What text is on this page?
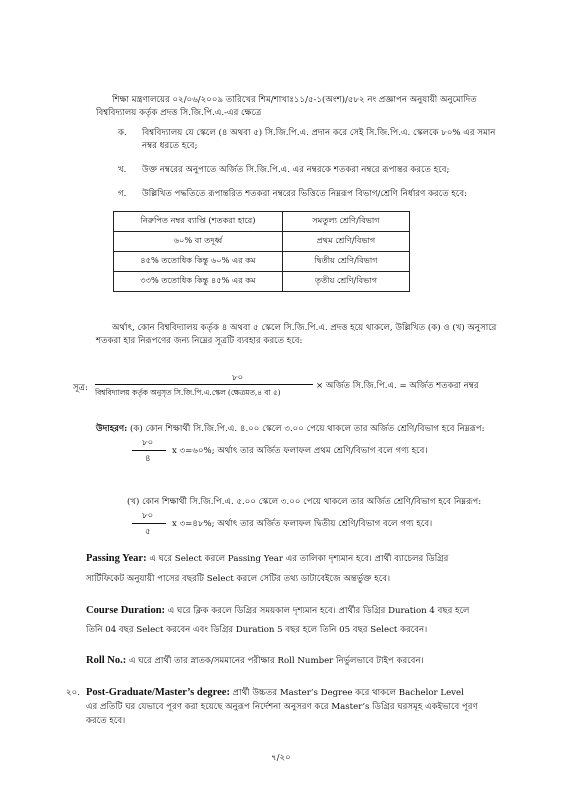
শিক্ষা মন্ত্রণালয়ের ০২/০৬/২০০৯ তারিখের শিম/শাখাঃ১১/৫-১(অংশ)/৫৮২ নং প্রজ্ঞাপন অনুযায়ী অনুমোদিত
বিশ্ববিদ্যালয় কর্তৃক প্রদত্ত সি.জি.পি.এ.-এর ক্ষেত্রে
ক. বিশ্ববিদ্যালয় যে স্কেলে (৪ অথবা ৫) সি.জি.পি.এ. প্রদান করে সেই সি.জি.পি.এ. স্কেলকে ৮০% এর সমান
নম্বর ধরতে হবে;
খ. উক্ত নম্বরের অনুপাতে অর্জিত সি.জি.পি.এ. এর নম্বরকে শতকরা নম্বরে রূপান্তর করতে হবে;
গ. উল্লিখিত পদ্ধতিতে রূপান্তরিত শতকরা নম্বরের ভিত্তিতে নিম্নরূপ বিভাগ/শ্রেণি নির্ধারণ করতে হবে:
নিরুপিত নম্বর ব্যাপ্তি (শতকরা হারে)	সমতুল্য শ্রেণি/বিভাগ
৬০% বা তদূর্ধ্ব	প্রথম শ্রেণি/বিভাগ
৪৫% ততোধিক কিন্তু ৬০% এর কম	দ্বিতীয় শ্রেণি/বিভাগ
৩৩% ততোধিক কিন্তু ৪৫% এর কম	তৃতীয় শ্রেণি/বিভাগ
অর্থাৎ, কোন বিশ্ববিদ্যালয় কর্তৃক ৪ অথবা ৫ স্কেলে সি.জি.পি.এ. প্রদত্ত হয়ে থাকলে, উল্লিখিত (ক) ও (খ) অনুসারে
শতকরা হার নিরূপণের জন্য নিম্নের সূত্রটি ব্যবহার করতে হবে:
সূত্র:
৮০
বিশ্ববিদ্যালয় কর্তৃক অনুসৃত সি.জি.পি.এ.স্কেল (ক্ষেত্রমত,৪ বা ৫)
× অর্জিত সি.জি.পি.এ. = অর্জিত শতকরা নম্বর
উদাহরণ: (ক) কোন শিক্ষার্থী সি.জি.পি.এ. ৪.০০ স্কেলে ৩.০০ পেয়ে থাকলে তার অর্জিত শ্রেণি/বিভাগ হবে নিম্নরূপ:
৮০
৪
x ৩=৬০%; অর্থাৎ তার অর্জিত ফলাফল প্রথম শ্রেণি/বিভাগ বলে গণ্য হবে।
(খ) কোন শিক্ষার্থী সি.জি.পি.এ. ৫.০০ স্কেলে ৩.০০ পেয়ে থাকলে তার অর্জিত শ্রেণি/বিভাগ হবে নিম্নরূপ:
৮০
৫
x ৩=৪৮%; অর্থাৎ তার অর্জিত ফলাফল দ্বিতীয় শ্রেণি/বিভাগ বলে গণ্য হবে।
Passing Year: এ ঘরে Select করলে Passing Year এর তালিকা দৃশ্যমান হবে। প্রার্থী ব্যাচেলর ডিগ্রির
সার্টিফিকেট অনুযায়ী পাসের বছরটি Select করলে সেটির তথ্য ডাটাবেইজে অন্তর্ভুক্ত হবে।
Course Duration: এ ঘরে ক্লিক করলে ডিগ্রির সময়কাল দৃশ্যমান হবে। প্রার্থীর ডিগ্রির Duration 4 বছর হলে
তিনি 04 বছর Select করবেন এবং ডিগ্রির Duration 5 বছর হলে তিনি 05 বছর Select করবেন।
Roll No.: এ ঘরে প্রার্থী তার স্নাতক/সমমানের পরীক্ষার Roll Number নির্ভুলভাবে টাইপ করবেন।
২০. Post-Graduate/Master’s degree: প্রার্থী উচ্চতর Master’s Degree করে থাকলে Bachelor Level
এর প্রতিটি ঘর যেভাবে পূরণ করা হয়েছে অনুরূপ নির্দেশনা অনুসরণ করে Master’s ডিগ্রির ঘরসমূহ একইভাবে পূরণ
করতে হবে।
৭/২০
